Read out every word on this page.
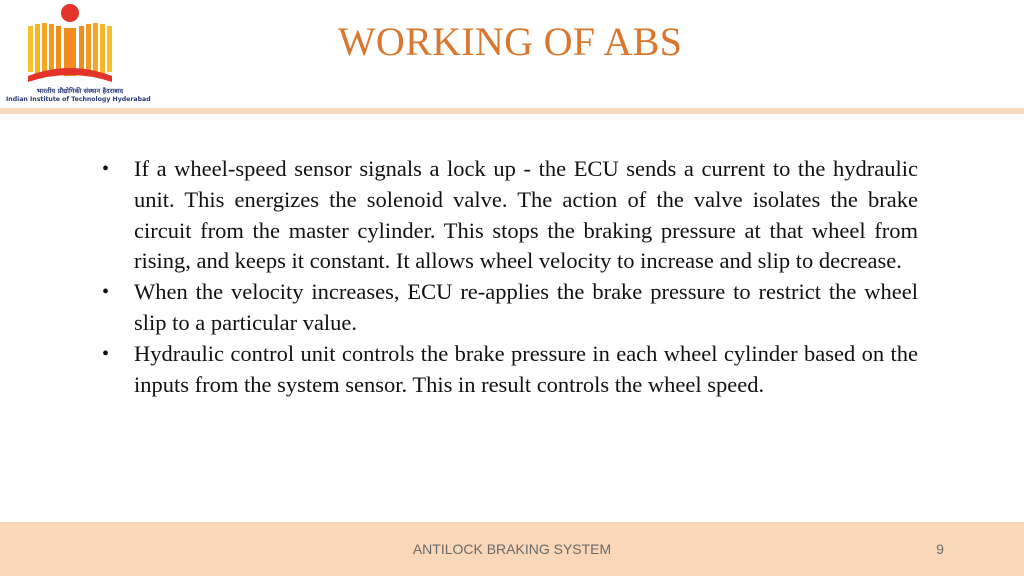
भारतीय प्रौद्योगिकी संस्थान हैदराबाद
Indian Institute of Technology Hyderabad
WORKING OF ABS
• If a wheel-speed sensor signals a lock up - the ECU sends a current to the hydraulic unit. This energizes the solenoid valve. The action of the valve isolates the brake circuit from the master cylinder. This stops the braking pressure at that wheel from rising, and keeps it constant. It allows wheel velocity to increase and slip to decrease.
• When the velocity increases, ECU re-applies the brake pressure to restrict the wheel slip to a particular value.
• Hydraulic control unit controls the brake pressure in each wheel cylinder based on the inputs from the system sensor. This in result controls the wheel speed.
ANTILOCK BRAKING SYSTEM	9
